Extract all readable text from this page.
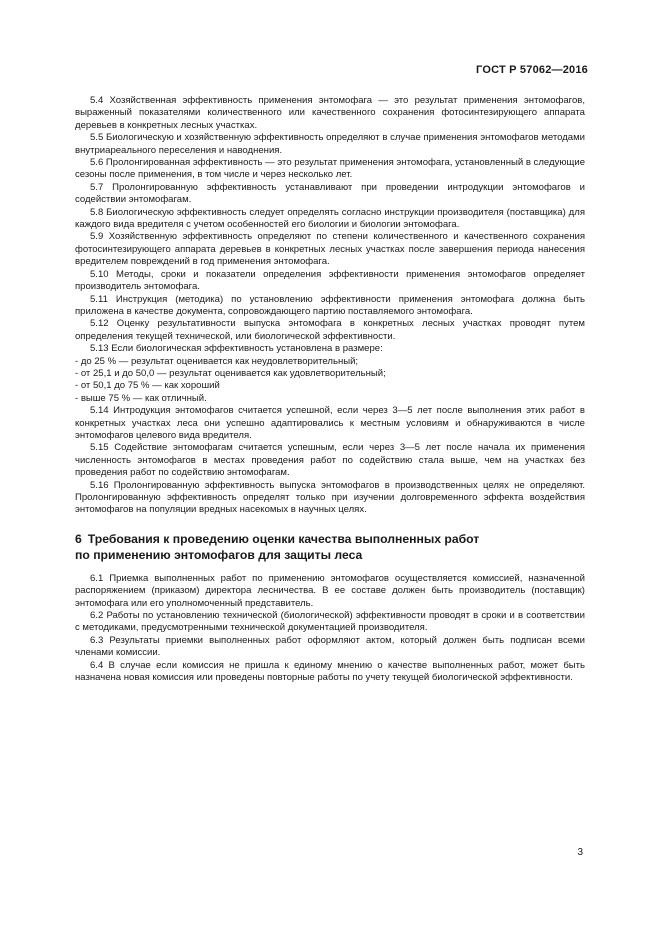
ГОСТ Р 57062—2016

5.4 Хозяйственная эффективность применения энтомофага — это результат применения энтомофагов, выраженный показателями количественного или качественного сохранения фотосинтезирующего аппарата деревьев в конкретных лесных участках.

5.5 Биологическую и хозяйственную эффективность определяют в случае применения энтомофагов методами внутриареального переселения и наводнения.

5.6 Пролонгированная эффективность — это результат применения энтомофага, установленный в следующие сезоны после применения, в том числе и через несколько лет.

5.7 Пролонгированную эффективность устанавливают при проведении интродукции энтомофагов и содействии энтомофагам.

5.8 Биологическую эффективность следует определять согласно инструкции производителя (поставщика) для каждого вида вредителя с учетом особенностей его биологии и биологии энтомофага.

5.9 Хозяйственную эффективность определяют по степени количественного и качественного сохранения фотосинтезирующего аппарата деревьев в конкретных лесных участках после завершения периода нанесения вредителем повреждений в год применения энтомофага.

5.10 Методы, сроки и показатели определения эффективности применения энтомофагов определяет производитель энтомофага.

5.11 Инструкция (методика) по установлению эффективности применения энтомофага должна быть приложена в качестве документа, сопровождающего партию поставляемого энтомофага.

5.12 Оценку результативности выпуска энтомофага в конкретных лесных участках проводят путем определения текущей технической, или биологической эффективности.

5.13 Если биологическая эффективность установлена в размере:

- до 25 % — результат оценивается как неудовлетворительный;

- от 25,1 и до 50,0 — результат оценивается как удовлетворительный;

- от 50,1 до 75 % — как хороший

- выше 75 % — как отличный.

5.14 Интродукция энтомофагов считается успешной, если через 3—5 лет после выполнения этих работ в конкретных участках леса они успешно адаптировались к местным условиям и обнаруживаются в числе энтомофагов целевого вида вредителя.

5.15 Содействие энтомофагам считается успешным, если через 3—5 лет после начала их применения численность энтомофагов в местах проведения работ по содействию стала выше, чем на участках без проведения работ по содействию энтомофагам.

5.16 Пролонгированную эффективность выпуска энтомофагов в производственных целях не определяют. Пролонгированную эффективность определят только при изучении долговременного эффекта воздействия энтомофагов на популяции вредных насекомых в научных целях.

6 Требования к проведению оценки качества выполненных работ
по применению энтомофагов для защиты леса

6.1 Приемка выполненных работ по применению энтомофагов осуществляется комиссией, назначенной распоряжением (приказом) директора лесничества. В ее составе должен быть производитель (поставщик) энтомофага или его уполномоченный представитель.

6.2 Работы по установлению технической (биологической) эффективности проводят в сроки и в соответствии с методиками, предусмотренными технической документацией производителя.

6.3 Результаты приемки выполненных работ оформляют актом, который должен быть подписан всеми членами комиссии.

6.4 В случае если комиссия не пришла к единому мнению о качестве выполненных работ, может быть назначена новая комиссия или проведены повторные работы по учету текущей биологической эффективности.

3
